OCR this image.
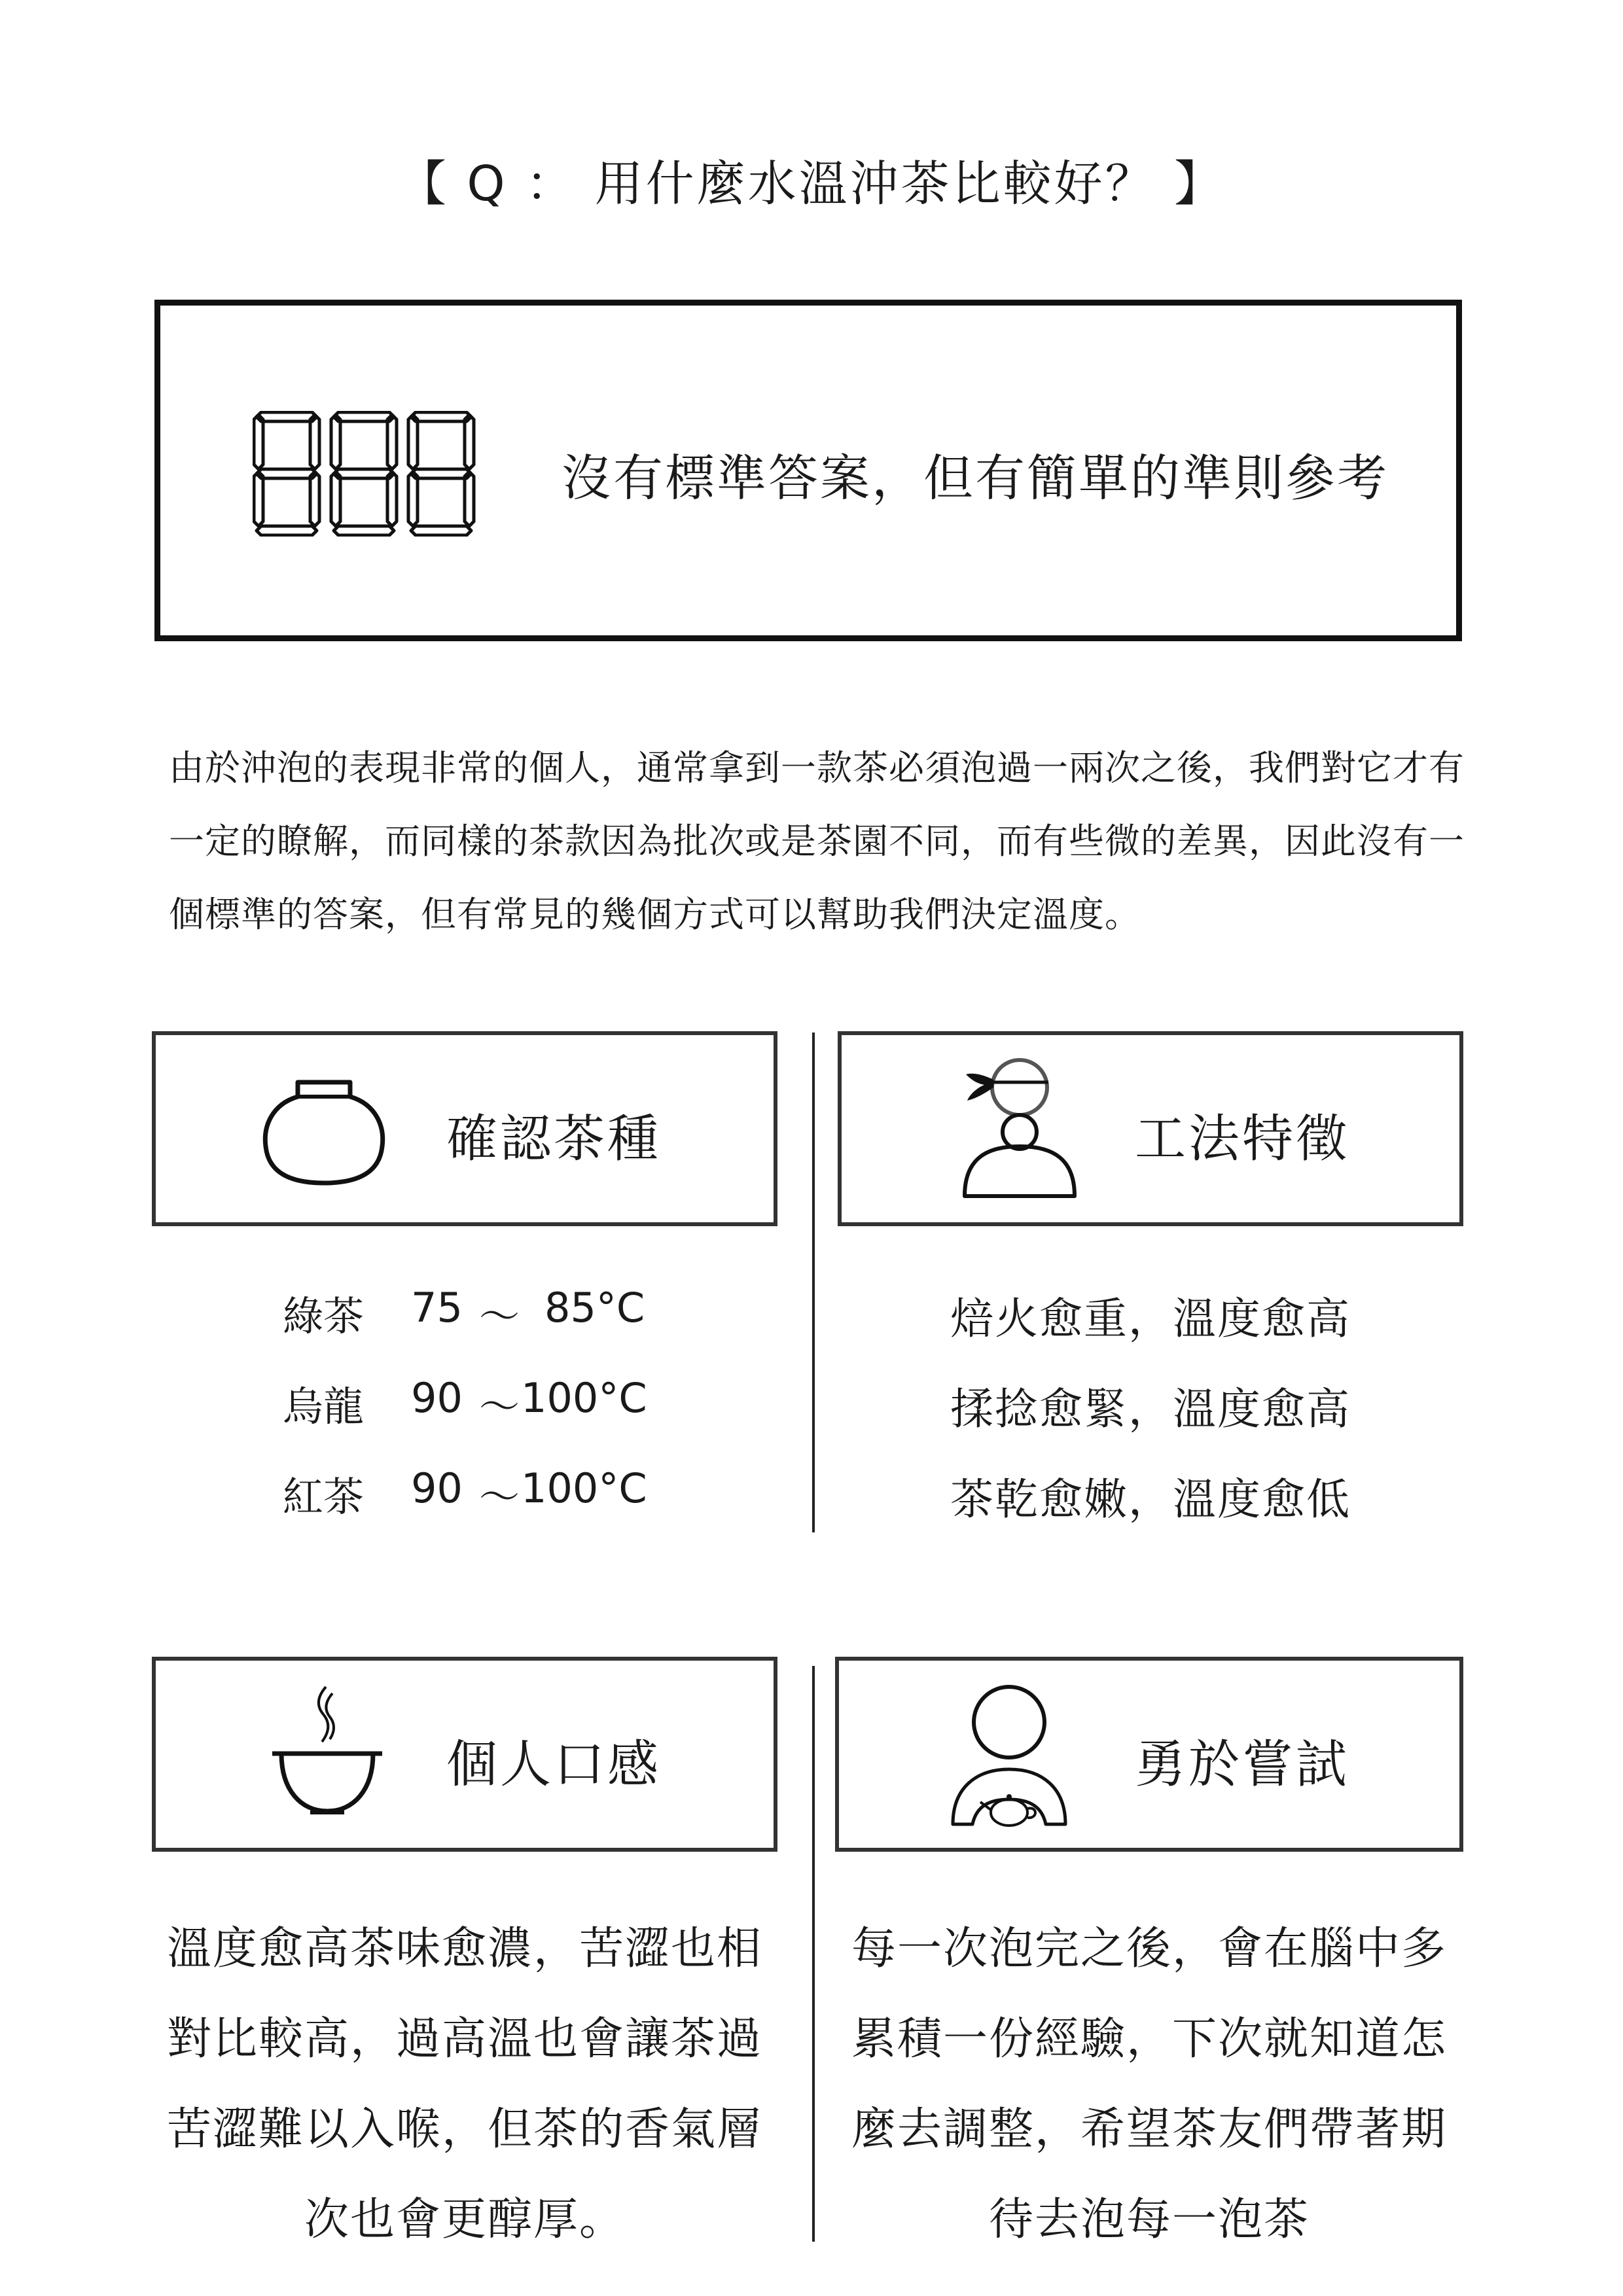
【 Q ： 用什麼水溫沖茶比較好？ 】
沒有標準答案，但有簡單的準則參考

由於沖泡的表現非常的個人，通常拿到一款茶必須泡過一兩次之後，我們對它才有

一定的瞭解，而同樣的茶款因為批次或是茶園不同，而有些微的差異，因此沒有一

個標準的答案，但有常見的幾個方式可以幫助我們決定溫度。

確認茶種	工法特徵
綠茶 75 ～ 85°C
烏龍 90 ～ 100°C
紅茶 90 ～ 100°C
焙火愈重，溫度愈高
揉捻愈緊，溫度愈高
茶乾愈嫩，溫度愈低
個人口感	勇於嘗試
溫度愈高茶味愈濃，苦澀也相
對比較高，過高溫也會讓茶過
苦澀難以入喉，但茶的香氣層
次也會更醇厚。
每一次泡完之後，會在腦中多
累積一份經驗，下次就知道怎
麼去調整，希望茶友們帶著期
待去泡每一泡茶
